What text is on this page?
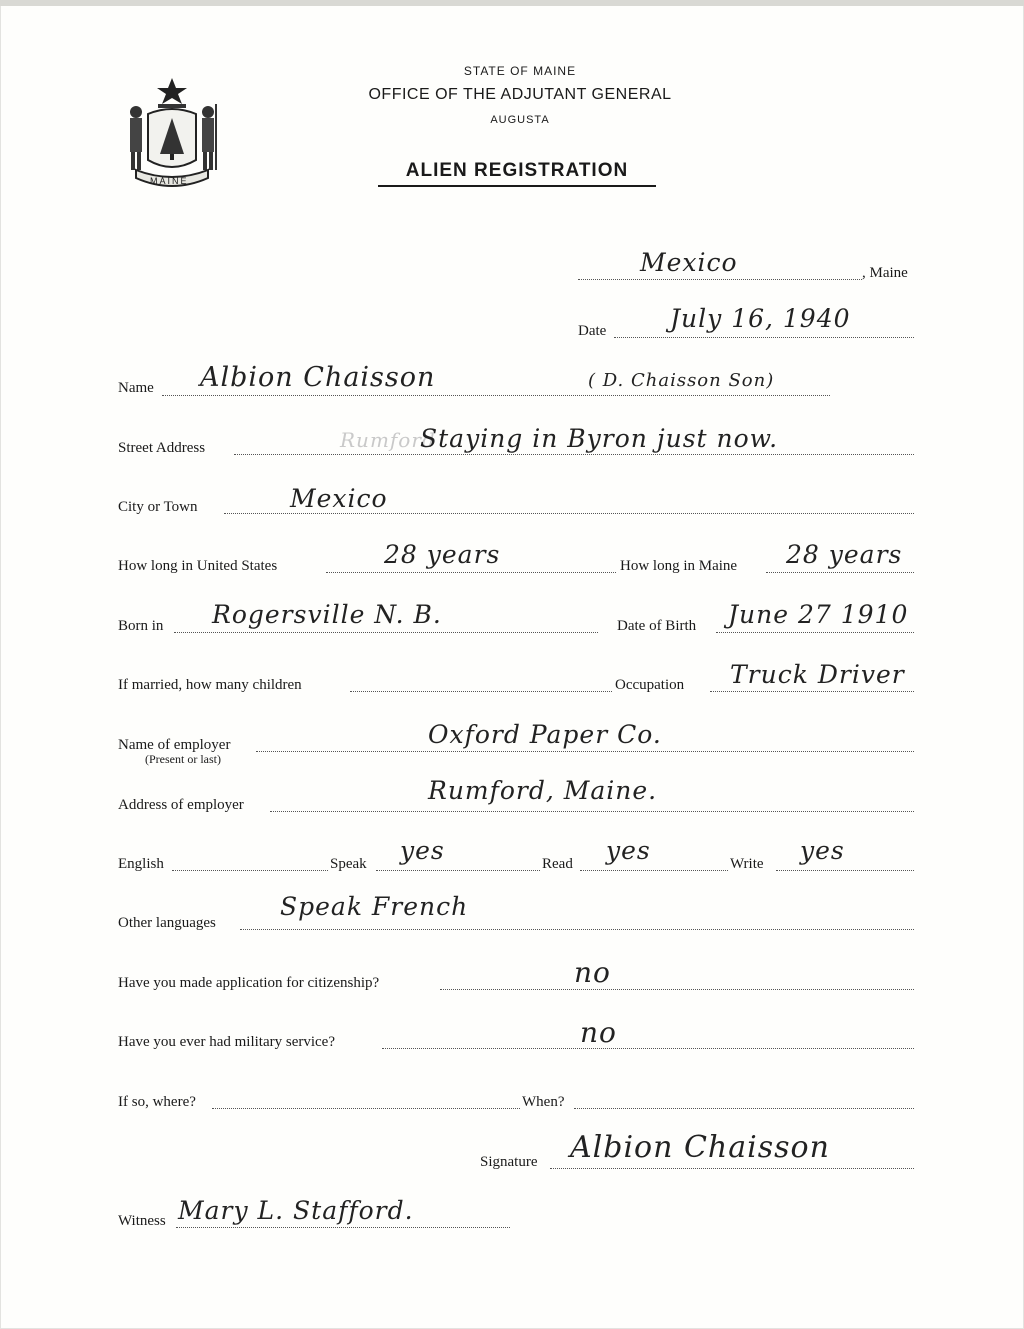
MAINE
STATE OF MAINE
OFFICE OF THE ADJUTANT GENERAL
AUGUSTA
ALIEN REGISTRATION
Mexico	, Maine
Date	July 16, 1940
Name Albion Chaisson	( D. Chaisson Son)
Street Address	Rumford
Staying in Byron just now.
City or Town	Mexico
How long in United States	28 years	How long in Maine 28 years
Born in Rogersville N. B.	Date of Birth June 27 1910
If married, how many children	Occupation Truck Driver
Name of employer
(Present or last)
Oxford Paper Co.
Address of employer	Rumford, Maine.
English	Speak yes	Read yes	Write yes
Other languages
Speak French
Have you made application for citizenship?	no
Have you ever had military service?	no
If so, where?	When?
Signature Albion Chaisson
Witness Mary L. Stafford.
